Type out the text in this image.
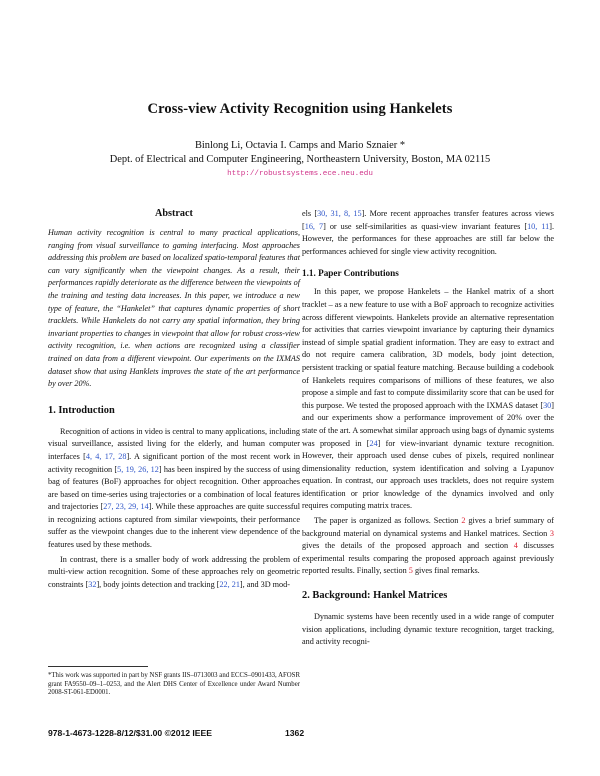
Cross-view Activity Recognition using Hankelets
Binlong Li, Octavia I. Camps and Mario Sznaier *
Dept. of Electrical and Computer Engineering, Northeastern University, Boston, MA 02115
http://robustsystems.ece.neu.edu
Abstract

Human activity recognition is central to many practical applications, ranging from visual surveillance to gaming interfacing. Most approaches addressing this problem are based on localized spatio-temporal features that can vary significantly when the viewpoint changes. As a result, their performances rapidly deteriorate as the difference between the viewpoints of the training and testing data increases. In this paper, we introduce a new type of feature, the “Hankelet” that captures dynamic properties of short tracklets. While Hankelets do not carry any spatial information, they bring invariant properties to changes in viewpoint that allow for robust cross-view activity recognition, i.e. when actions are recognized using a classifier trained on data from a different viewpoint. Our experiments on the IXMAS dataset show that using Hanklets improves the state of the art performance by over 20%.

1. Introduction

Recognition of actions in video is central to many applications, including visual surveillance, assisted living for the elderly, and human computer interfaces [4, 4, 17, 28]. A significant portion of the most recent work in activity recognition [5, 19, 26, 12] has been inspired by the success of using bag of features (BoF) approaches for object recognition. Other approaches are based on time-series using trajectories or a combination of local features and trajectories [27, 23, 29, 14]. While these approaches are quite successful in recognizing actions captured from similar viewpoints, their performance suffer as the viewpoint changes due to the inherent view dependence of the features used by these methods.

In contrast, there is a smaller body of work addressing the problem of multi-view action recognition. Some of these approaches rely on geometric constraints [32], body joints detection and tracking [22, 21], and 3D mod-

els [30, 31, 8, 15]. More recent approaches transfer features across views [16, 7] or use self-similarities as quasi-view invariant features [10, 11]. However, the performances for these approaches are still far below the performances achieved for single view activity recognition.

1.1. Paper Contributions

In this paper, we propose Hankelets – the Hankel matrix of a short tracklet – as a new feature to use with a BoF approach to recognize activities across different viewpoints. Hankelets provide an alternative representation for activities that carries viewpoint invariance by capturing their dynamics instead of simple spatial gradient information. They are easy to extract and do not require camera calibration, 3D models, body joint detection, persistent tracking or spatial feature matching. Because building a codebook of Hankelets requires comparisons of millions of these features, we also propose a simple and fast to compute dissimilarity score that can be used for this purpose. We tested the proposed approach with the IXMAS dataset [30] and our experiments show a performance improvement of 20% over the state of the art. A somewhat similar approach using bags of dynamic systems was proposed in [24] for view-invariant dynamic texture recognition. However, their approach used dense cubes of pixels, required nonlinear dimensionality reduction, system identification and solving a Lyapunov equation. In contrast, our approach uses tracklets, does not require system identification or prior knowledge of the dynamics involved and only requires computing matrix traces.

The paper is organized as follows. Section 2 gives a brief summary of background material on dynamical systems and Hankel matrices. Section 3 gives the details of the proposed approach and section 4 discusses experimental results comparing the proposed approach against previously reported results. Finally, section 5 gives final remarks.

2. Background: Hankel Matrices

Dynamic systems have been recently used in a wide range of computer vision applications, including dynamic texture recognition, target tracking, and activity recogni-

*This work was supported in part by NSF grants IIS–0713003 and ECCS–0901433, AFOSR grant FA9550–09–1–0253, and the Alert DHS Center of Excellence under Award Number 2008-ST-061-ED0001.
978-1-4673-1228-8/12/$31.00 ©2012 IEEE	1362
